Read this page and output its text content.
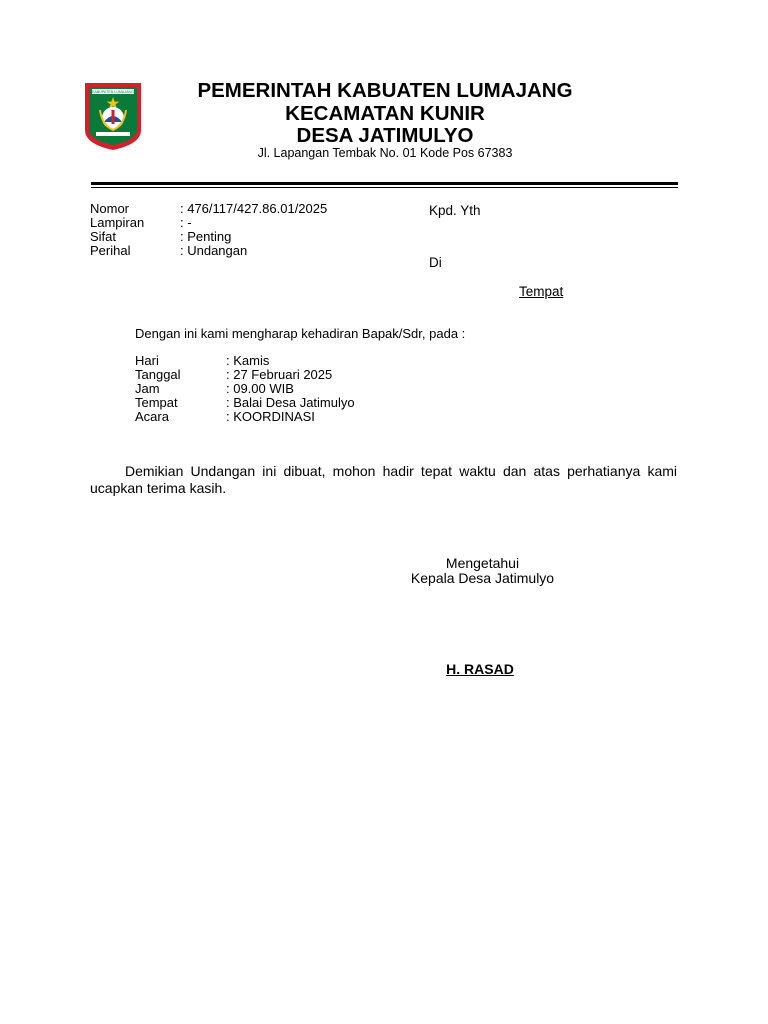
KABUPATEN LUMAJANG	PEMERINTAH KABUATEN LUMAJANG
KECAMATAN KUNIR
DESA JATIMULYO
Jl. Lapangan Tembak No. 01 Kode Pos 67383
Nomor	: 476/117/427.86.01/2025
Lampiran	: -
Sifat	: Penting
Perihal	: Undangan
Kpd. Yth
Di
Tempat
Dengan ini kami mengharap kehadiran Bapak/Sdr, pada :
Hari	: Kamis
Tanggal	: 27 Februari 2025
Jam	: 09.00 WIB
Tempat	: Balai Desa Jatimulyo
Acara	: KOORDINASI
Demikian Undangan ini dibuat, mohon hadir tepat waktu dan atas perhatianya kami ucapkan terima kasih.
Mengetahui
Kepala Desa Jatimulyo
H. RASAD
